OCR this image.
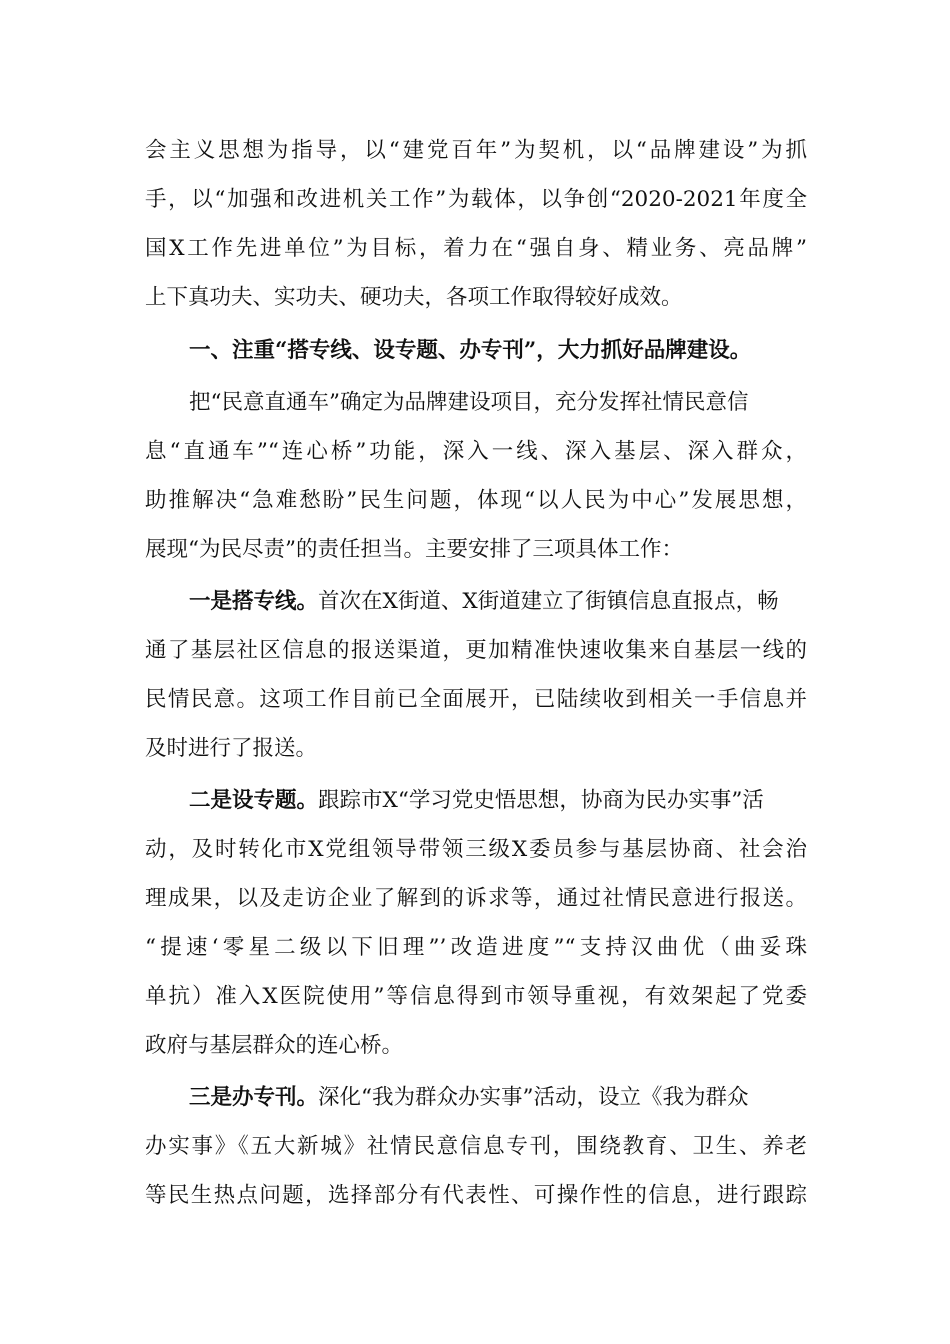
会主义思想为指导，以“建党百年”为契机，以“品牌建设”为抓
手，以“加强和改进机关工作”为载体，以争创“2020-2021年度全
国X工作先进单位”为目标，着力在“强自身、精业务、亮品牌”
上下真功夫、实功夫、硬功夫，各项工作取得较好成效。
一、注重“搭专线、设专题、办专刊”，大力抓好品牌建设。
把“民意直通车”确定为品牌建设项目，充分发挥社情民意信
息“直通车”“连心桥”功能，深入一线、深入基层、深入群众，
助推解决“急难愁盼”民生问题，体现“以人民为中心”发展思想，
展现“为民尽责”的责任担当。主要安排了三项具体工作：
一是搭专线。首次在X街道、X街道建立了街镇信息直报点，畅
通了基层社区信息的报送渠道，更加精准快速收集来自基层一线的
民情民意。这项工作目前已全面展开，已陆续收到相关一手信息并
及时进行了报送。
二是设专题。跟踪市X“学习党史悟思想，协商为民办实事”活
动，及时转化市X党组领导带领三级X委员参与基层协商、社会治
理成果，以及走访企业了解到的诉求等，通过社情民意进行报送。
“提速‘零星二级以下旧理”’改造进度”“支持汉曲优（曲妥珠
单抗）准入X医院使用”等信息得到市领导重视，有效架起了党委
政府与基层群众的连心桥。
三是办专刊。深化“我为群众办实事”活动，设立《我为群众
办实事》《五大新城》社情民意信息专刊，围绕教育、卫生、养老
等民生热点问题，选择部分有代表性、可操作性的信息，进行跟踪
